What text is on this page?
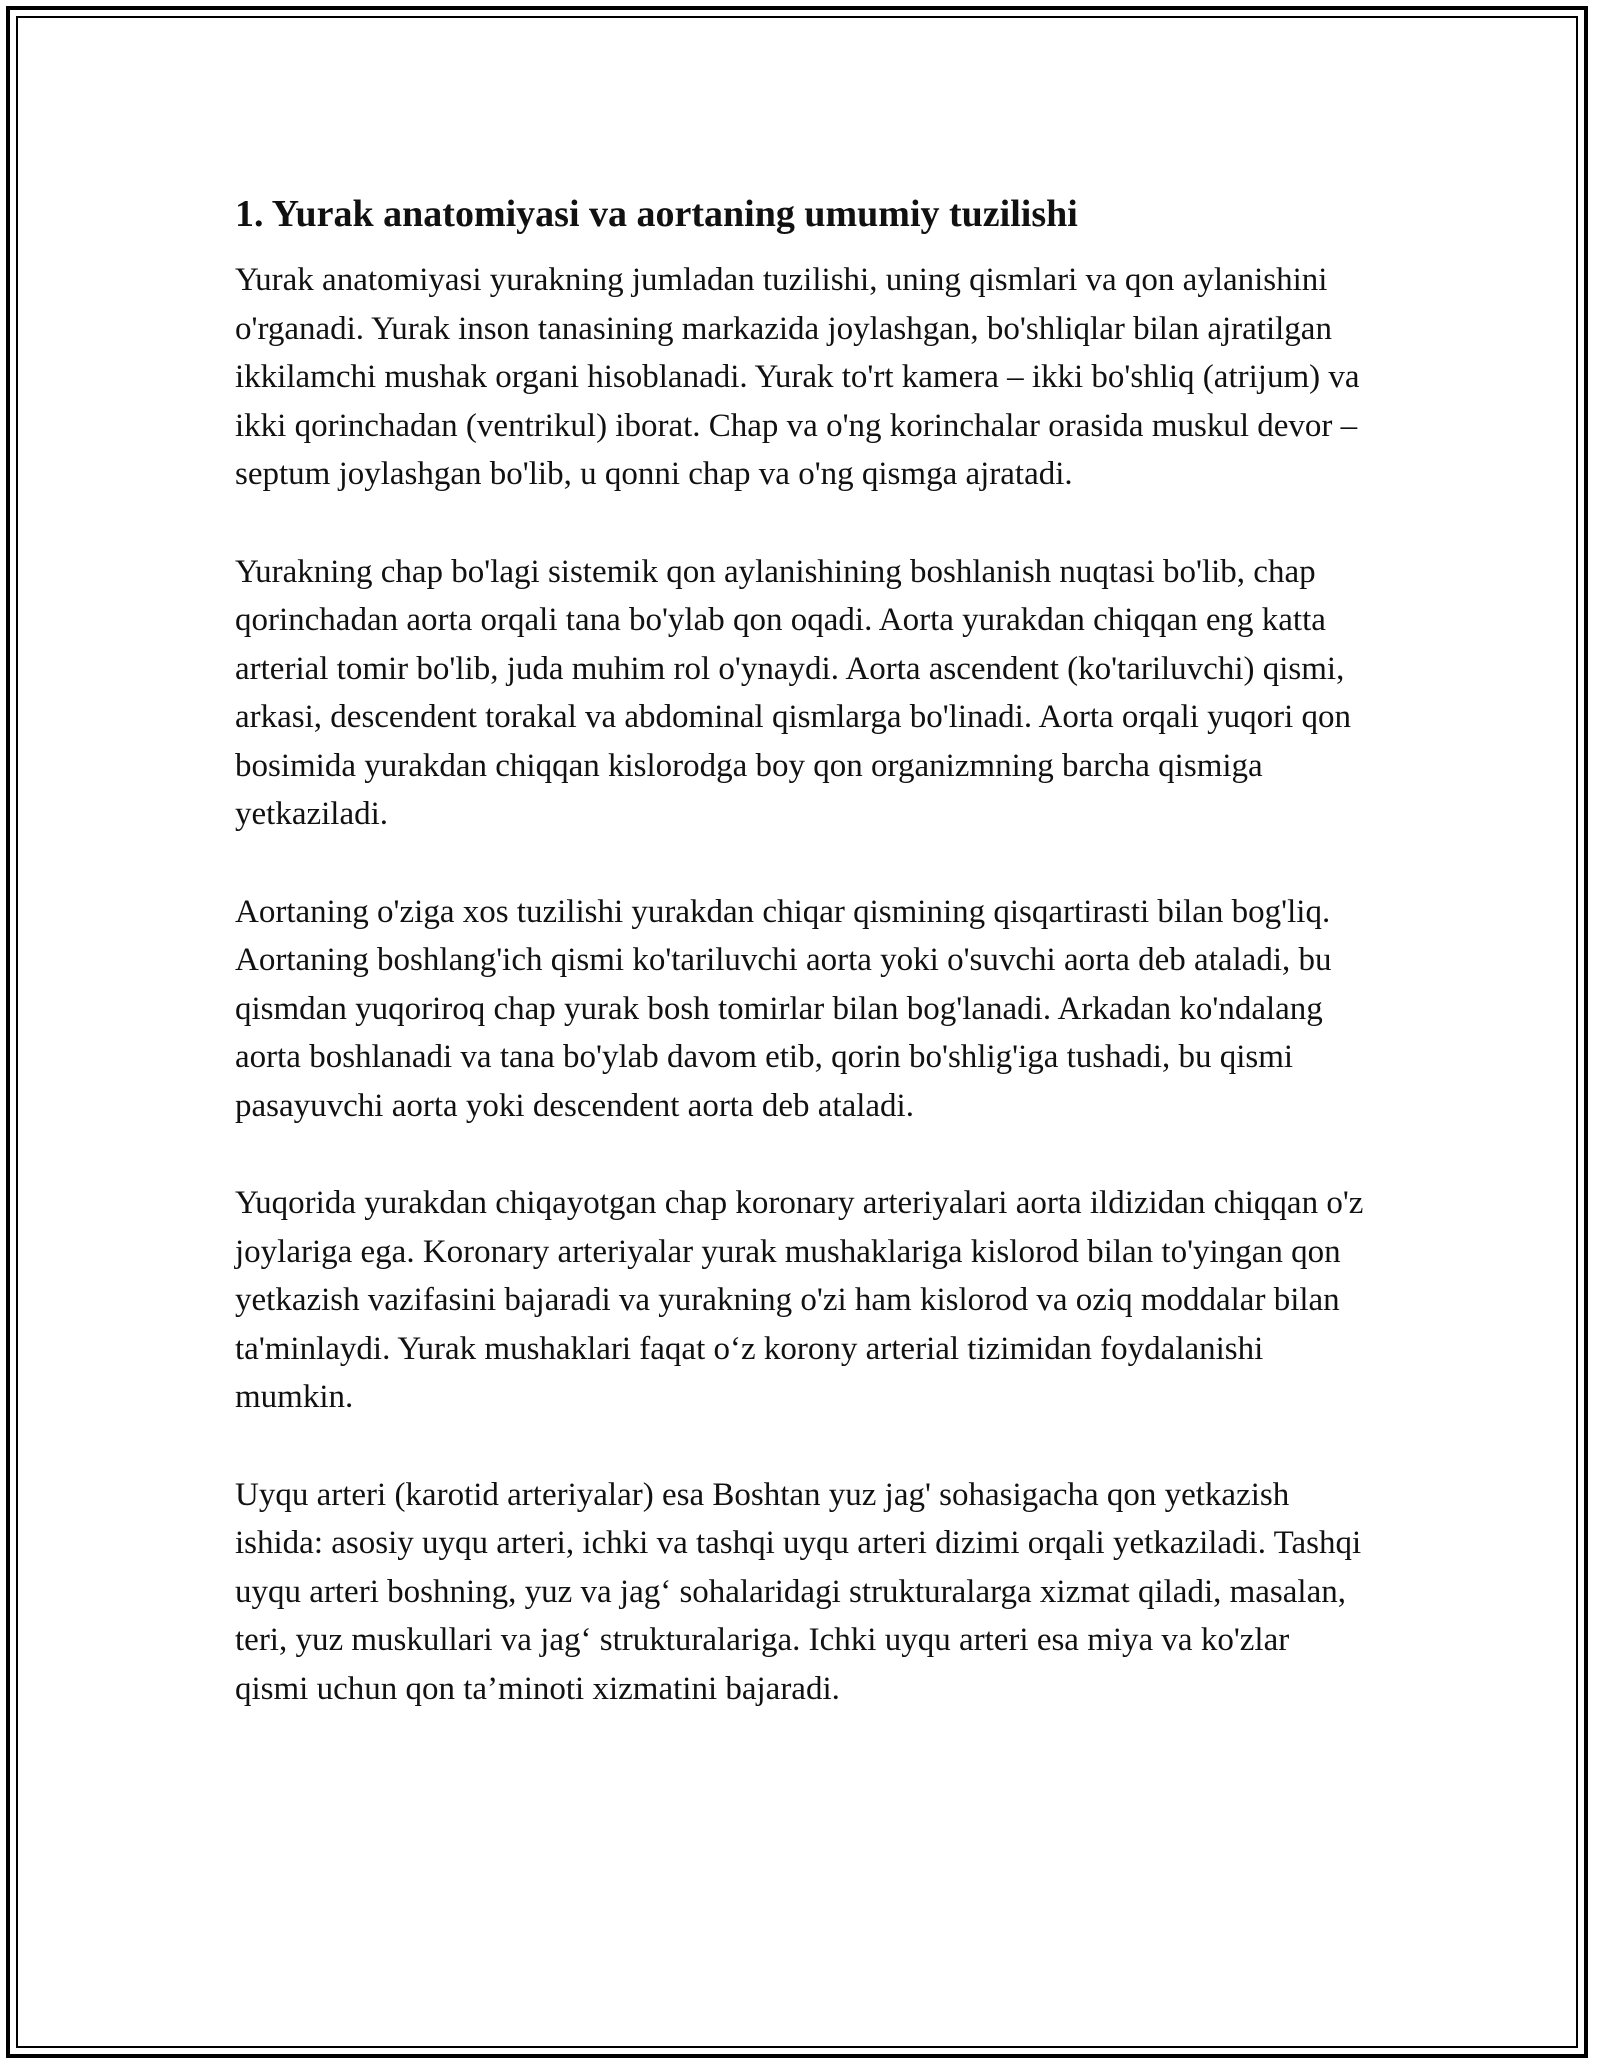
1. Yurak anatomiyasi va aortaning umumiy tuzilishi

Yurak anatomiyasi yurakning jumladan tuzilishi, uning qismlari va qon aylanishini o'rganadi. Yurak inson tanasining markazida joylashgan, bo'shliqlar bilan ajratilgan ikkilamchi mushak organi hisoblanadi. Yurak to'rt kamera – ikki bo'shliq (atrijum) va ikki qorinchadan (ventrikul) iborat. Chap va o'ng korinchalar orasida muskul devor – septum joylashgan bo'lib, u qonni chap va o'ng qismga ajratadi.

Yurakning chap bo'lagi sistemik qon aylanishining boshlanish nuqtasi bo'lib, chap qorinchadan aorta orqali tana bo'ylab qon oqadi. Aorta yurakdan chiqqan eng katta arterial tomir bo'lib, juda muhim rol o'ynaydi. Aorta ascendent (ko'tariluvchi) qismi, arkasi, descendent torakal va abdominal qismlarga bo'linadi. Aorta orqali yuqori qon bosimida yurakdan chiqqan kislorodga boy qon organizmning barcha qismiga yetkaziladi.

Aortaning o'ziga xos tuzilishi yurakdan chiqar qismining qisqartirasti bilan bog'liq. Aortaning boshlang'ich qismi ko'tariluvchi aorta yoki o'suvchi aorta deb ataladi, bu qismdan yuqoriroq chap yurak bosh tomirlar bilan bog'lanadi. Arkadan ko'ndalang aorta boshlanadi va tana bo'ylab davom etib, qorin bo'shlig'iga tushadi, bu qismi pasayuvchi aorta yoki descendent aorta deb ataladi.

Yuqorida yurakdan chiqayotgan chap koronary arteriyalari aorta ildizidan chiqqan o'z joylariga ega. Koronary arteriyalar yurak mushaklariga kislorod bilan to'yingan qon yetkazish vazifasini bajaradi va yurakning o'zi ham kislorod va oziq moddalar bilan ta'minlaydi. Yurak mushaklari faqat o‘z korony arterial tizimidan foydalanishi mumkin.

Uyqu arteri (karotid arteriyalar) esa Boshtan yuz jag' sohasigacha qon yetkazish ishida: asosiy uyqu arteri, ichki va tashqi uyqu arteri dizimi orqali yetkaziladi. Tashqi uyqu arteri boshning, yuz va jag‘ sohalaridagi strukturalarga xizmat qiladi, masalan, teri, yuz muskullari va jag‘ strukturalariga. Ichki uyqu arteri esa miya va ko'zlar qismi uchun qon ta’minoti xizmatini bajaradi.
